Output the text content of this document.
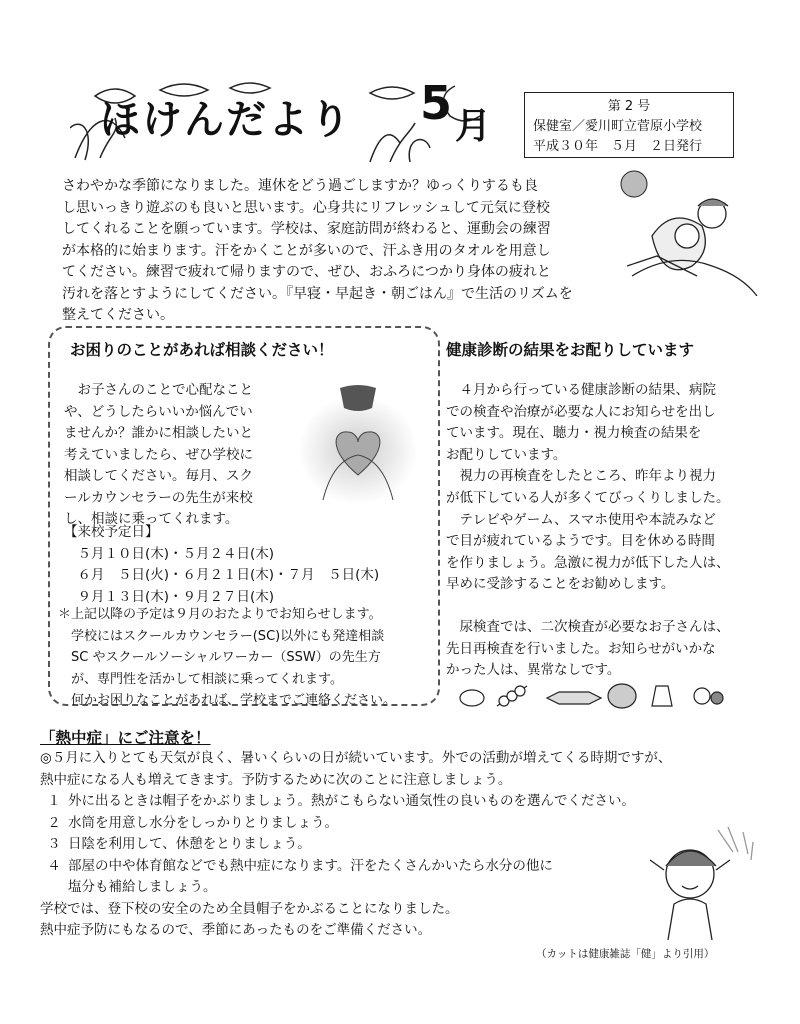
ほけんだより 5 月	第 2 号
保健室／愛川町立菅原小学校
平成３０年　５月　２日発行

さわやかな季節になりました。連休をどう過ごしますか？ゆっくりするも良

し思いっきり遊ぶのも良いと思います。心身共にリフレッシュして元気に登校

してくれることを願っています。学校は、家庭訪問が終わると、運動会の練習

が本格的に始まります。汗をかくことが多いので、汗ふき用のタオルを用意し

てください。練習で疲れて帰りますので、ぜひ、おふろにつかり身体の疲れと

汚れを落とすようにしてください。『早寝・早起き・朝ごはん』で生活のリズムを

整えてください。

お困りのことがあれば相談ください！
　お子さんのことで心配なこと
や、どうしたらいいか悩んでい
ませんか？誰かに相談したいと
考えていましたら、ぜひ学校に
相談してください。毎月、スク
ールカウンセラーの先生が来校
し、相談に乗ってくれます。
【来校予定日】
　５月１０日(木)・５月２４日(木)
　６月　５日(火)・６月２１日(木)・７月　５日(木)
　９月１３日(木)・９月２７日(木)
＊上記以降の予定は９月のおたよりでお知らせします。
　学校にはスクールカウンセラー(SC)以外にも発達相談
　SC やスクールソーシャルワーカー（SSW）の先生方
　が、専門性を活かして相談に乗ってくれます。
　何かお困りなことがあれば、学校までご連絡ください。
健康診断の結果をお配りしています

　４月から行っている健康診断の結果、病院

での検査や治療が必要な人にお知らせを出し

ています。現在、聴力・視力検査の結果を

お配りしています。

　視力の再検査をしたところ、昨年より視力

が低下している人が多くてびっくりしました。

　テレビやゲーム、スマホ使用や本読みなど

で目が疲れているようです。目を休める時間

を作りましょう。急激に視力が低下した人は、

早めに受診することをお勧めします。

　尿検査では、二次検査が必要なお子さんは、

先日再検査を行いました。お知らせがいかな

かった人は、異常なしです。

「熱中症」にご注意を！

◎５月に入りとても天気が良く、暑いくらいの日が続いています。外での活動が増えてくる時期ですが、

熱中症になる人も増えてきます。予防するために次のことに注意しましょう。

１ 外に出るときは帽子をかぶりましょう。熱がこもらない通気性の良いものを選んでください。
２ 水筒を用意し水分をしっかりとりましょう。
３ 日陰を利用して、休憩をとりましょう。
４ 部屋の中や体育館などでも熱中症になります。汗をたくさんかいたら水分の他に
塩分も補給しましょう。

学校では、登下校の安全のため全員帽子をかぶることになりました。

熱中症予防にもなるので、季節にあったものをご準備ください。

（カットは健康雑誌「健」より引用）
